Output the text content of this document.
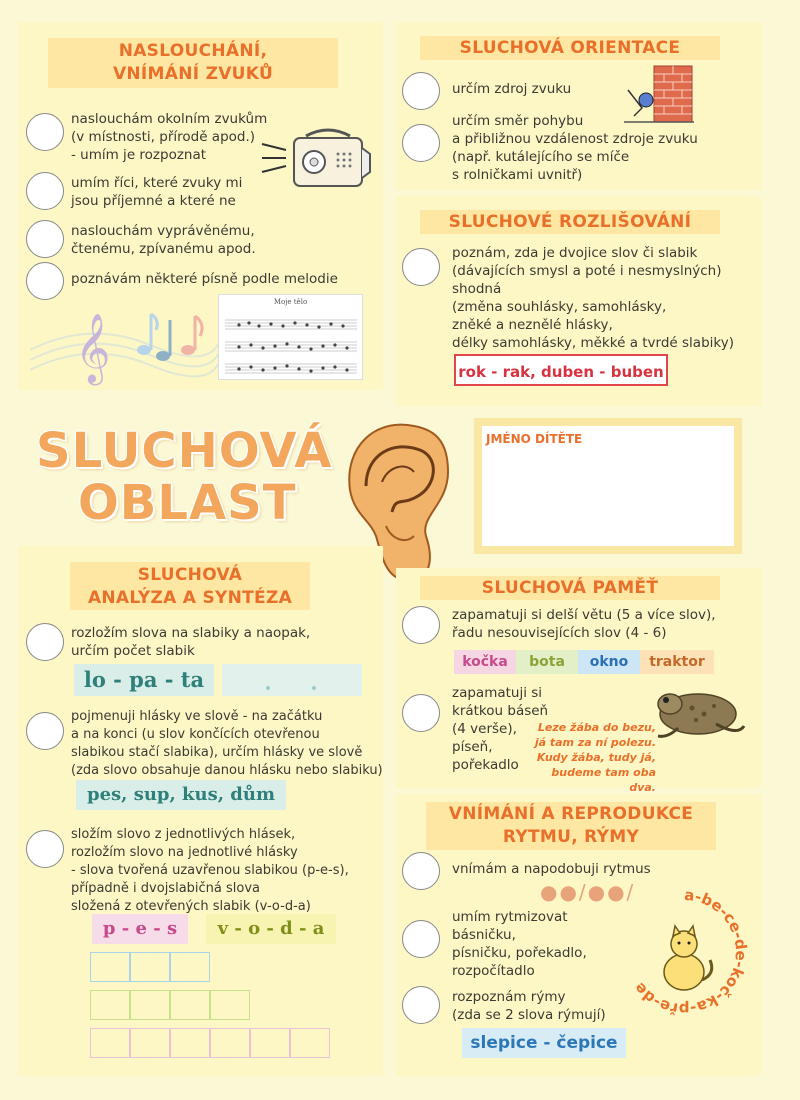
NASLOUCHÁNÍ,
VNÍMÁNÍ ZVUKŮ
naslouchám okolním zvukům
(v místnosti, přírodě apod.)
- umím je rozpoznat
umím říci, které zvuky mi
jsou příjemné a které ne
naslouchám vyprávěnému,
čtenému, zpívanému apod.
poznávám některé písně podle melodie
𝄞
Moje tělo
SLUCHOVÁ ORIENTACE
určím zdroj zvuku
určím směr pohybu
a přibližnou vzdálenost zdroje zvuku
(např. kutálejícího se míče
s rolničkami uvnitř)
SLUCHOVÉ ROZLIŠOVÁNÍ
poznám, zda je dvojice slov či slabik
(dávajících smysl a poté i nesmyslných)
shodná
(změna souhlásky, samohlásky,
zněké a neznělé hlásky,
délky samohlásky, měkké a tvrdé slabiky)
rok - rak, duben - buben
SLUCHOVÁ
OBLAST
JMÉNO DÍTĚTE
SLUCHOVÁ
ANALÝZA A SYNTÉZA
rozložím slova na slabiky a naopak,
určím počet slabik
lo - pa - ta
pojmenuji hlásky ve slově - na začátku
a na konci (u slov končících otevřenou
slabikou stačí slabika), určím hlásky ve slově
(zda slovo obsahuje danou hlásku nebo slabiku)
pes, sup, kus, dům
složím slovo z jednotlivých hlásek,
rozložím slovo na jednotlivé hlásky
- slova tvořená uzavřenou slabikou (p-e-s),
případně i dvojslabičná slova
složená z otevřených slabik (v-o-d-a)
p - e - s	v - o - d - a
SLUCHOVÁ PAMĚŤ
zapamatuji si delší větu (5 a více slov),
řadu nesouvisejících slov (4 - 6)
kočka	bota	okno	traktor
zapamatuji si
krátkou báseň
(4 verše),
píseň,
pořekadlo
Leze žába do bezu,
já tam za ní polezu.
Kudy žába, tudy já,
budeme tam oba dva.
VNÍMÁNÍ A REPRODUKCE
RYTMU, RÝMY
vnímám a napodobuji rytmus
●●/●●/
umím rytmizovat
básničku,
písničku, pořekadlo,
rozpočítadlo
rozpoznám rýmy
(zda se 2 slova rýmují)
slepice - čepice
a-be-ce-de-koč-ka-pře-de
